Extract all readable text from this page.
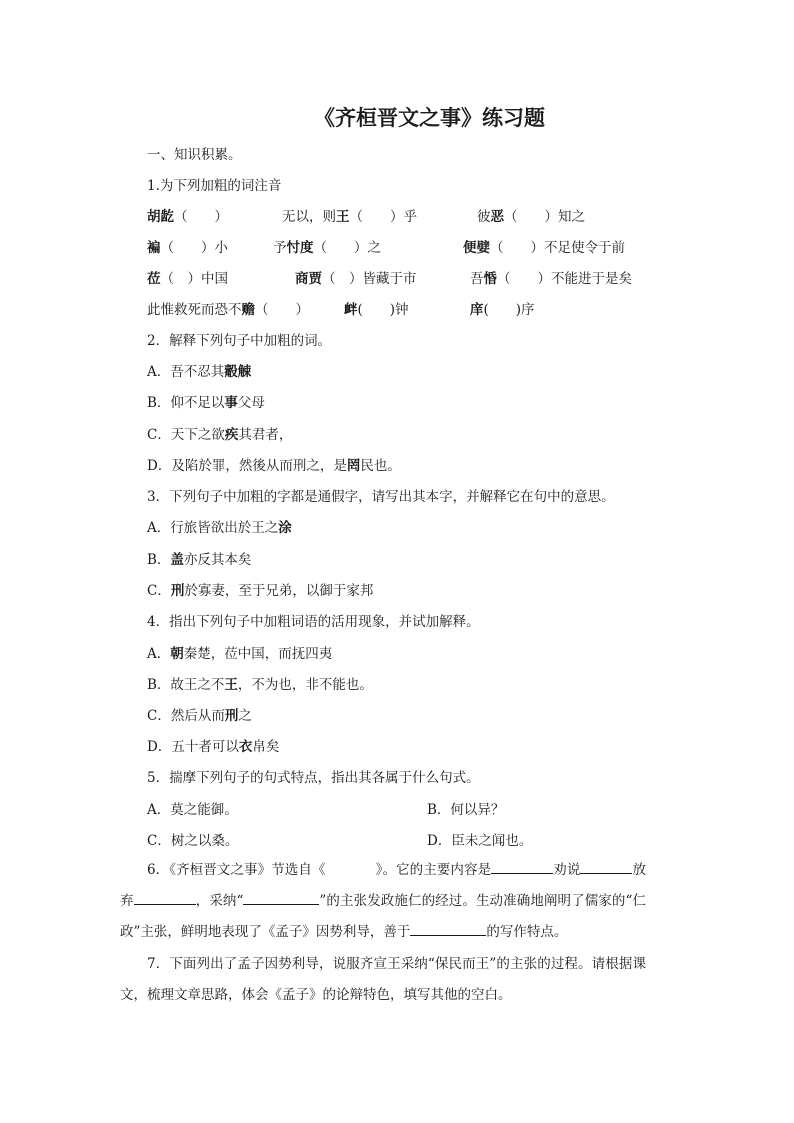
《齐桓晋文之事》练习题
一、知识积累。
1.为下列加粗的词注音
胡龁（　　）	无以，则王（　　）乎	彼恶（　　）知之
褊（　　）小	予忖度（　　）之	便嬖（　　）不足使令于前
莅（　）中国	商贾（　）皆藏于市	吾惛（　　）不能进于是矣
此惟救死而恐不赡（　　）	衅(　　)钟	庠(　　)序
2．解释下列句子中加粗的词。
A．吾不忍其觳觫
B．仰不足以事父母
C．天下之欲疾其君者，
D．及陷於罪，然後从而刑之，是罔民也。
3．下列句子中加粗的字都是通假字，请写出其本字，并解释它在句中的意思。
A．行旅皆欲出於王之涂
B．盖亦反其本矣
C．刑於寡妻，至于兄弟，以御于家邦
4．指出下列句子中加粗词语的活用现象，并试加解释。
A．朝秦楚，莅中国，而抚四夷
B．故王之不王，不为也，非不能也。
C．然后从而刑之
D．五十者可以衣帛矣
5．揣摩下列句子的句式特点，指出其各属于什么句式。
A．莫之能御。	B．何以异？
C．树之以桑。	D．臣未之闻也。
6．《齐桓晋文之事》节选自《	》。它的主要内容是	劝说	放弃	，采纳“	”的主张发政施仁的经过。生动准确地阐明了儒家的“仁政”主张，鲜明地表现了《孟子》因势利导，善于	的写作特点。
7．下面列出了孟子因势利导，说服齐宣王采纳“保民而王”的主张的过程。请根据课文，梳理文章思路，体会《孟子》的论辩特色，填写其他的空白。
